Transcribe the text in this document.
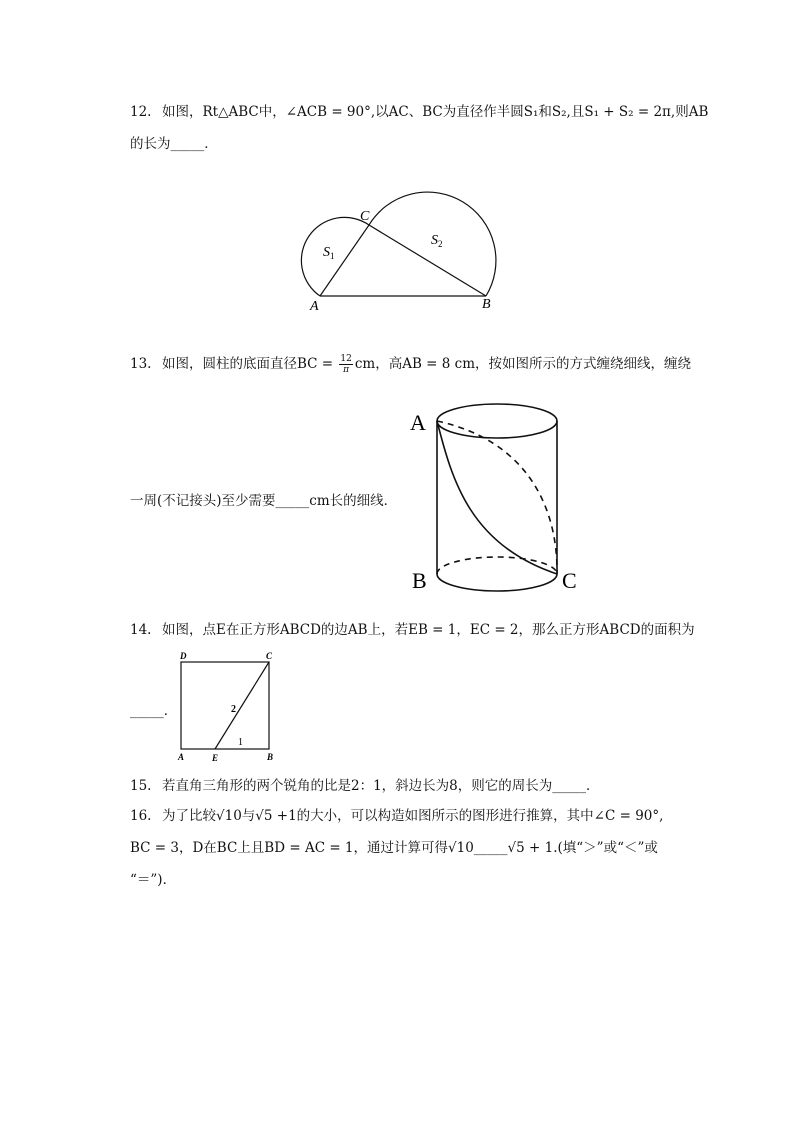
12. 如图，Rt△ABC中，∠ACB = 90°,以AC、BC为直径作半圆S₁和S₂,且S₁ + S₂ = 2π,则AB
的长为_____．
A	B
C
$S_1$
$S_2$
13. 如图，圆柱的底面直径BC = $\frac{12}{\pi}$ cm，高AB = 8 cm，按如图所示的方式缠绕细线，缠绕
一周(不记接头)至少需要_____cm长的细线．
A
B	C
14. 如图，点E在正方形ABCD的边AB上，若EB = 1，EC = 2，那么正方形ABCD的面积为
_____．
D	C
A	E	B
2
1
15. 若直角三角形的两个锐角的比是2：1，斜边长为8，则它的周长为_____．
16. 为了比较√10与√5 +1的大小，可以构造如图所示的图形进行推算，其中∠C = 90°,
BC = 3，D在BC上且BD = AC = 1，通过计算可得√10_____√5 + 1.(填“＞”或“＜”或
“＝”)．
